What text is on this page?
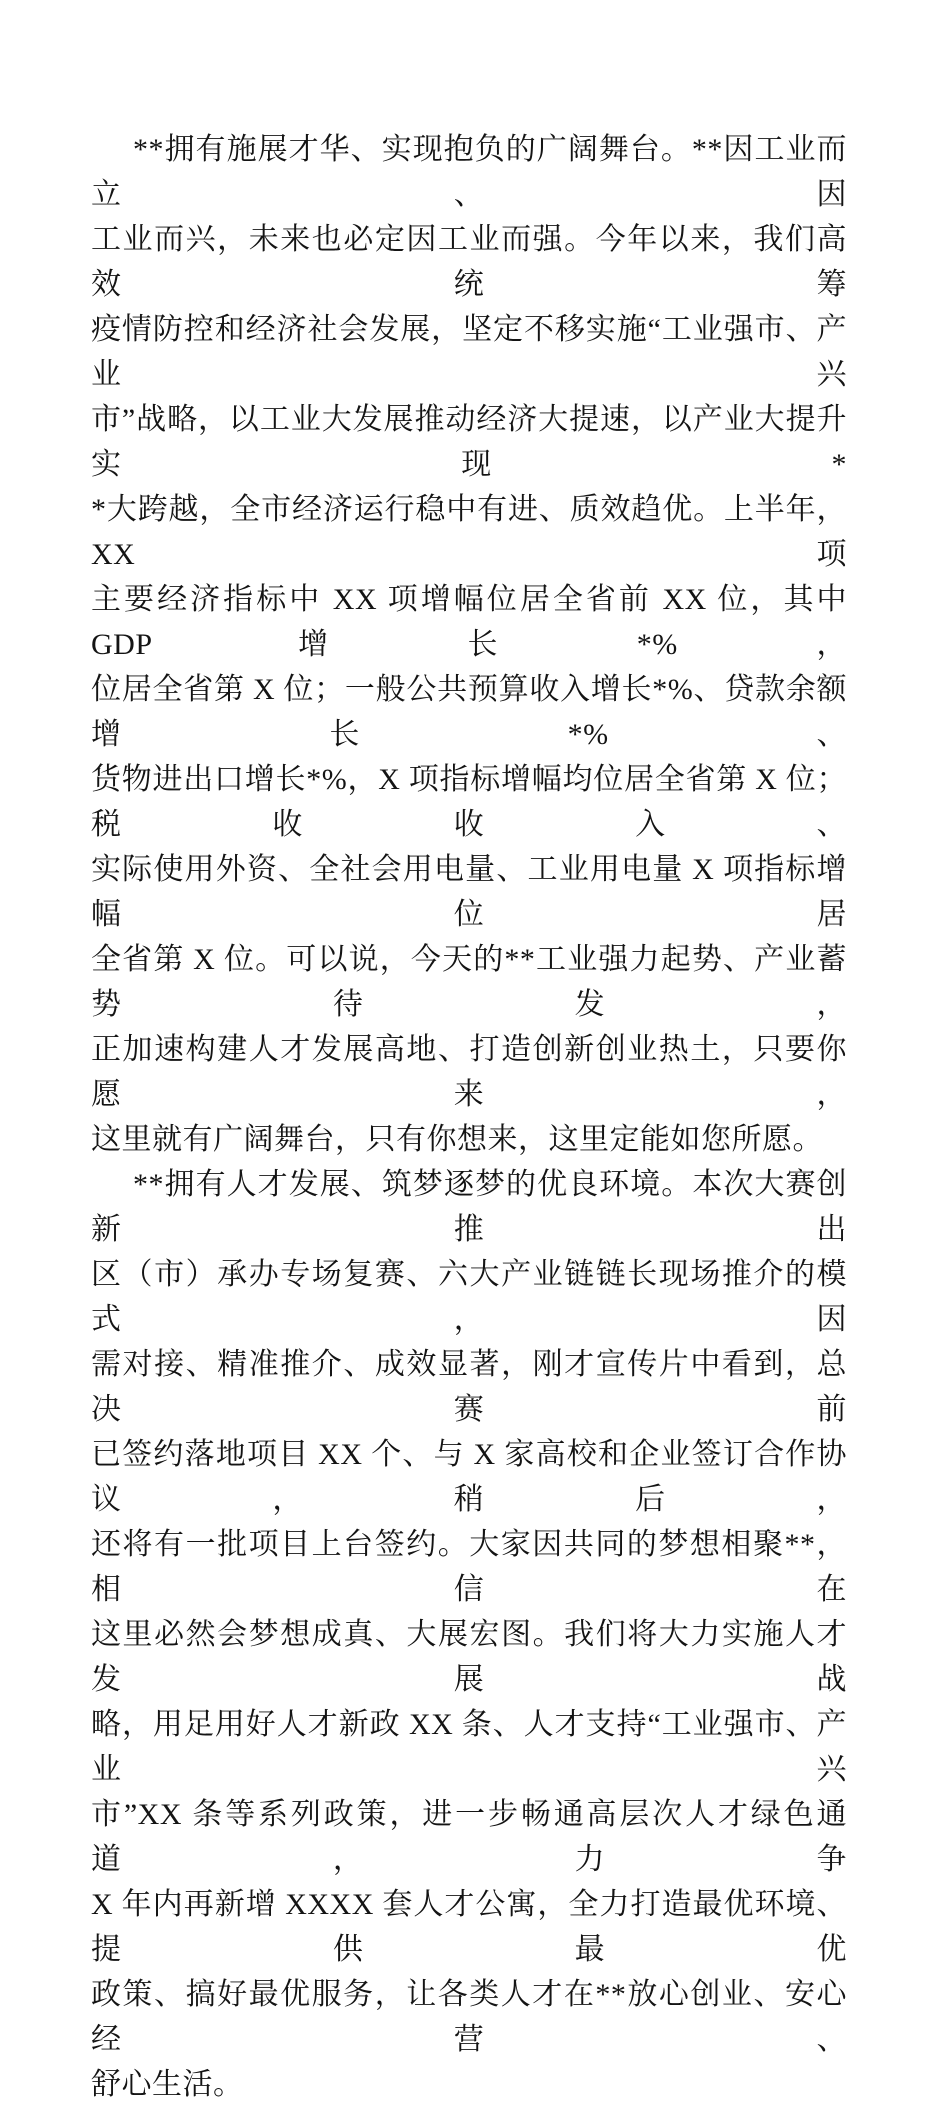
**拥有施展才华、实现抱负的广阔舞台。**因工业而立、因
工业而兴，未来也必定因工业而强。今年以来，我们高效统筹
疫情防控和经济社会发展，坚定不移实施“工业强市、产业兴
市”战略，以工业大发展推动经济大提速，以产业大提升实现*
*大跨越，全市经济运行稳中有进、质效趋优。上半年，XX 项
主要经济指标中 XX 项增幅位居全省前 XX 位，其中 GDP 增长*%，
位居全省第 X 位；一般公共预算收入增长*%、贷款余额增长*%、
货物进出口增长*%，X 项指标增幅均位居全省第 X 位；税收收入、
实际使用外资、全社会用电量、工业用电量 X 项指标增幅位居
全省第 X 位。可以说，今天的**工业强力起势、产业蓄势待发，
正加速构建人才发展高地、打造创新创业热土，只要你愿来，
这里就有广阔舞台，只有你想来，这里定能如您所愿。

**拥有人才发展、筑梦逐梦的优良环境。本次大赛创新推出
区（市）承办专场复赛、六大产业链链长现场推介的模式，因
需对接、精准推介、成效显著，刚才宣传片中看到，总决赛前
已签约落地项目 XX 个、与 X 家高校和企业签订合作协议，稍后，
还将有一批项目上台签约。大家因共同的梦想相聚**，相信在
这里必然会梦想成真、大展宏图。我们将大力实施人才发展战
略，用足用好人才新政 XX 条、人才支持“工业强市、产业兴
市”XX 条等系列政策，进一步畅通高层次人才绿色通道，力争
X 年内再新增 XXXX 套人才公寓，全力打造最优环境、提供最优
政策、搞好最优服务，让各类人才在**放心创业、安心经营、
舒心生活。
